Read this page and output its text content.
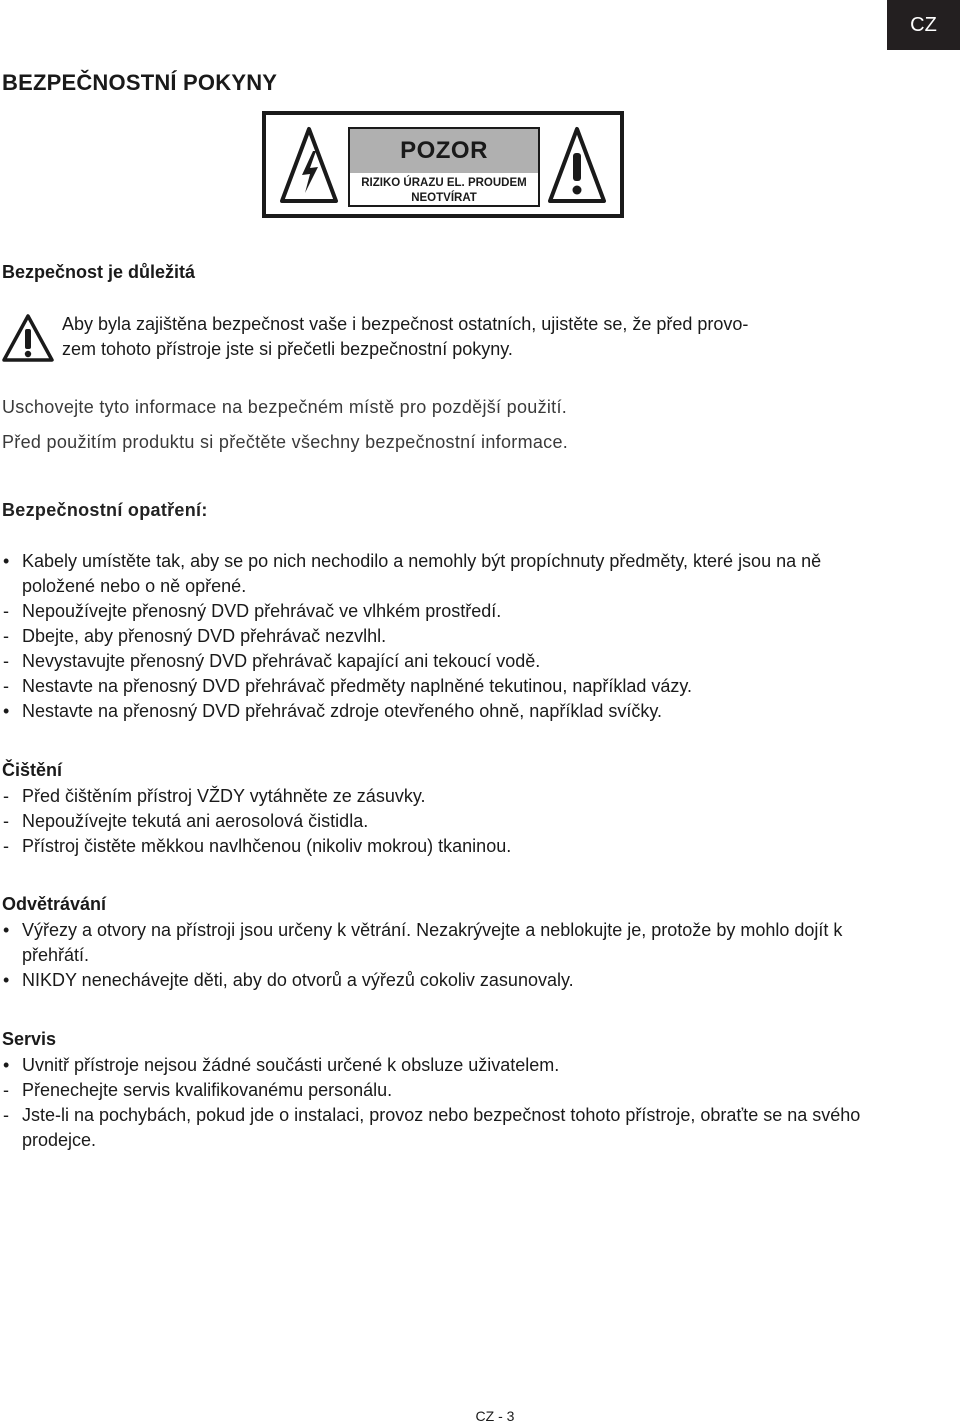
CZ
BEZPEČNOSTNÍ POKYNY
POZOR
RIZIKO ÚRAZU EL. PROUDEM
NEOTVÍRAT
Bezpečnost je důležitá

Aby byla zajištěna bezpečnost vaše i bezpečnost ostatních, ujistěte se, že před provo-
zem tohoto přístroje jste si přečetli bezpečnostní pokyny.

Uschovejte tyto informace na bezpečném místě pro pozdější použití.

Před použitím produktu si přečtěte všechny bezpečnostní informace.

Bezpečnostní opatření:
• Kabely umístěte tak, aby se po nich nechodilo a nemohly být propíchnuty předměty, které jsou na ně položené nebo o ně opřené.
- Nepoužívejte přenosný DVD přehrávač ve vlhkém prostředí.
- Dbejte, aby přenosný DVD přehrávač nezvlhl.
- Nevystavujte přenosný DVD přehrávač kapající ani tekoucí vodě.
- Nestavte na přenosný DVD přehrávač předměty naplněné tekutinou, například vázy.
• Nestavte na přenosný DVD přehrávač zdroje otevřeného ohně, například svíčky.
Čištění
- Před čištěním přístroj VŽDY vytáhněte ze zásuvky.
- Nepoužívejte tekutá ani aerosolová čistidla.
- Přístroj čistěte měkkou navlhčenou (nikoliv mokrou) tkaninou.
Odvětrávání
• Výřezy a otvory na přístroji jsou určeny k větrání. Nezakrývejte a neblokujte je, protože by mohlo dojít k přehřátí.
• NIKDY nenechávejte děti, aby do otvorů a výřezů cokoliv zasunovaly.
Servis
• Uvnitř přístroje nejsou žádné součásti určené k obsluze uživatelem.
- Přenechejte servis kvalifikovanému personálu.
- Jste-li na pochybách, pokud jde o instalaci, provoz nebo bezpečnost tohoto přístroje, obraťte se na svého prodejce.
CZ - 3
